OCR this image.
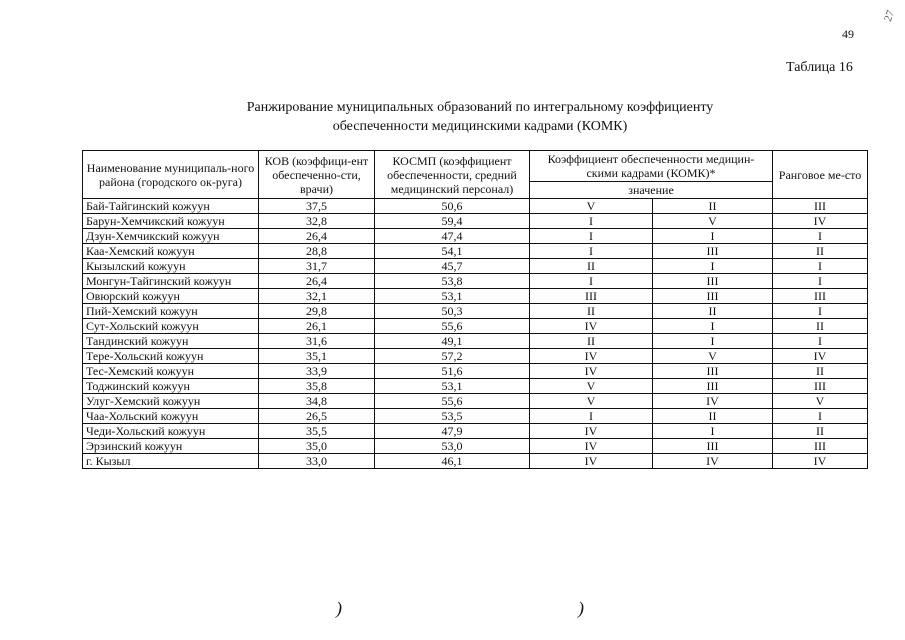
49
27
Таблица 16
Ранжирование муниципальных образований по интегральному коэффициенту
обеспеченности медицинскими кадрами (КОМК)
Наименование муниципаль-ного района (городского ок-руга)	КОВ (коэффици-ент обеспеченно-сти, врачи)	КОСМП (коэффициент обеспеченности, средний медицинский персонал)	Коэффициент обеспеченности медицин-скими кадрами (КОМК)*		Ранговое ме-сто
			значение		
Бай-Тайгинский кожуун	37,5	50,6	V	II	III
Барун-Хемчикский кожуун	32,8	59,4	I	V	IV
Дзун-Хемчикский кожуун	26,4	47,4	I	I	I
Каа-Хемский кожуун	28,8	54,1	I	III	II
Кызылский кожуун	31,7	45,7	II	I	I
Монгун-Тайгинский кожуун	26,4	53,8	I	III	I
Овюрский кожуун	32,1	53,1	III	III	III
Пий-Хемский кожуун	29,8	50,3	II	II	I
Сут-Хольский кожуун	26,1	55,6	IV	I	II
Тандинский кожуун	31,6	49,1	II	I	I
Тере-Хольский кожуун	35,1	57,2	IV	V	IV
Тес-Хемский кожуун	33,9	51,6	IV	III	II
Тоджинский кожуун	35,8	53,1	V	III	III
Улуг-Хемский кожуун	34,8	55,6	V	IV	V
Чаа-Хольский кожуун	26,5	53,5	I	II	I
Чеди-Хольский кожуун	35,5	47,9	IV	I	II
Эрзинский кожуун	35,0	53,0	IV	III	III
г. Кызыл	33,0	46,1	IV	IV	IV
)	)
